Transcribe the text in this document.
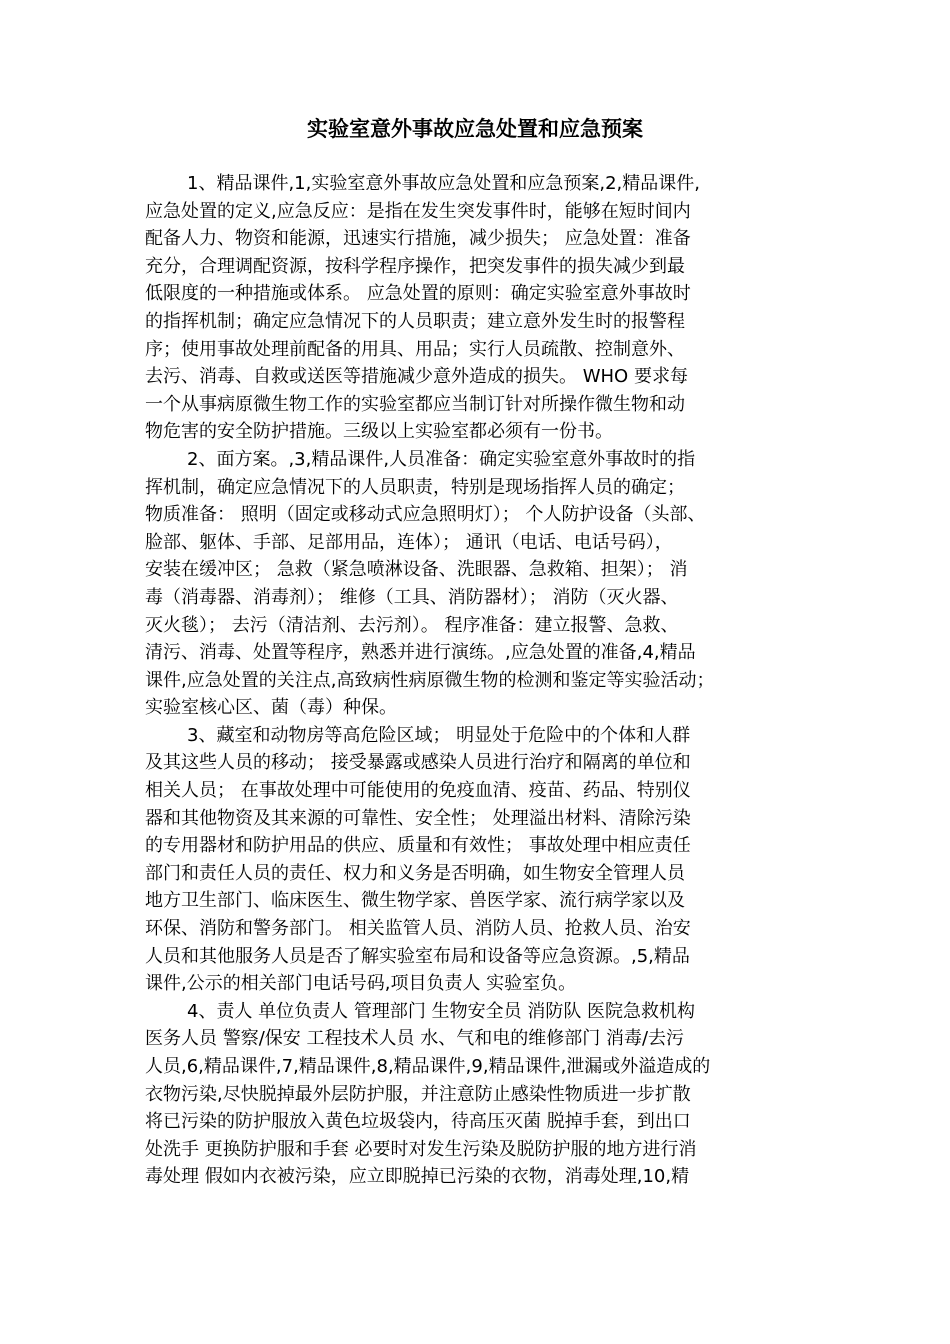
实验室意外事故应急处置和应急预案
1、精品课件,1,实验室意外事故应急处置和应急预案,2,精品课件,
应急处置的定义,应急反应：是指在发生突发事件时，能够在短时间内
配备人力、物资和能源，迅速实行措施，减少损失； 应急处置：准备
充分，合理调配资源，按科学程序操作，把突发事件的损失减少到最
低限度的一种措施或体系。 应急处置的原则：确定实验室意外事故时
的指挥机制；确定应急情况下的人员职责；建立意外发生时的报警程
序；使用事故处理前配备的用具、用品；实行人员疏散、控制意外、
去污、消毒、自救或送医等措施减少意外造成的损失。 WHO 要求每
一个从事病原微生物工作的实验室都应当制订针对所操作微生物和动
物危害的安全防护措施。三级以上实验室都必须有一份书。
2、面方案。,3,精品课件,人员准备：确定实验室意外事故时的指
挥机制，确定应急情况下的人员职责，特别是现场指挥人员的确定；
物质准备： 照明（固定或移动式应急照明灯）； 个人防护设备（头部、
脸部、躯体、手部、足部用品，连体）； 通讯（电话、电话号码），
安装在缓冲区； 急救（紧急喷淋设备、洗眼器、急救箱、担架）； 消
毒（消毒器、消毒剂）； 维修（工具、消防器材）； 消防（灭火器、
灭火毯）； 去污（清洁剂、去污剂）。 程序准备：建立报警、急救、
清污、消毒、处置等程序，熟悉并进行演练。,应急处置的准备,4,精品
课件,应急处置的关注点,高致病性病原微生物的检测和鉴定等实验活动；
实验室核心区、菌（毒）种保。
3、藏室和动物房等高危险区域； 明显处于危险中的个体和人群
及其这些人员的移动； 接受暴露或感染人员进行治疗和隔离的单位和
相关人员； 在事故处理中可能使用的免疫血清、疫苗、药品、特别仪
器和其他物资及其来源的可靠性、安全性； 处理溢出材料、清除污染
的专用器材和防护用品的供应、质量和有效性； 事故处理中相应责任
部门和责任人员的责任、权力和义务是否明确，如生物安全管理人员
地方卫生部门、临床医生、微生物学家、兽医学家、流行病学家以及
环保、消防和警务部门。 相关监管人员、消防人员、抢救人员、治安
人员和其他服务人员是否了解实验室布局和设备等应急资源。,5,精品
课件,公示的相关部门电话号码,项目负责人 实验室负。
4、责人 单位负责人 管理部门 生物安全员 消防队 医院急救机构
医务人员 警察/保安 工程技术人员 水、气和电的维修部门 消毒/去污
人员,6,精品课件,7,精品课件,8,精品课件,9,精品课件,泄漏或外溢造成的
衣物污染,尽快脱掉最外层防护服，并注意防止感染性物质进一步扩散
将已污染的防护服放入黄色垃圾袋内，待高压灭菌 脱掉手套，到出口
处洗手 更换防护服和手套 必要时对发生污染及脱防护服的地方进行消
毒处理 假如内衣被污染，应立即脱掉已污染的衣物，消毒处理,10,精
